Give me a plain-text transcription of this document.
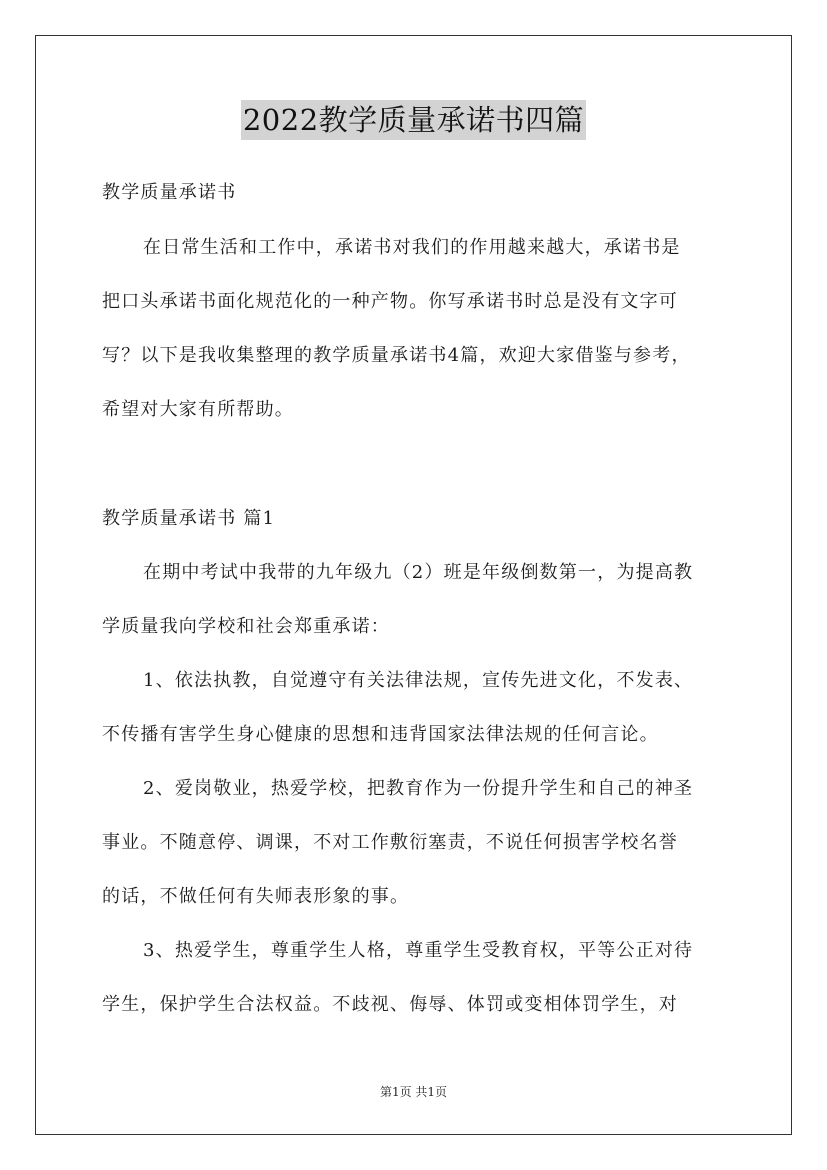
2022教学质量承诺书四篇
教学质量承诺书
在日常生活和工作中，承诺书对我们的作用越来越大，承诺书是
把口头承诺书面化规范化的一种产物。你写承诺书时总是没有文字可
写？以下是我收集整理的教学质量承诺书4篇，欢迎大家借鉴与参考，
希望对大家有所帮助。
教学质量承诺书 篇1
在期中考试中我带的九年级九（2）班是年级倒数第一，为提高教
学质量我向学校和社会郑重承诺：
1、依法执教，自觉遵守有关法律法规，宣传先进文化，不发表、
不传播有害学生身心健康的思想和违背国家法律法规的任何言论。
2、爱岗敬业，热爱学校，把教育作为一份提升学生和自己的神圣
事业。不随意停、调课，不对工作敷衍塞责，不说任何损害学校名誉
的话，不做任何有失师表形象的事。
3、热爱学生，尊重学生人格，尊重学生受教育权，平等公正对待
学生，保护学生合法权益。不歧视、侮辱、体罚或变相体罚学生，对
第1页 共1页
